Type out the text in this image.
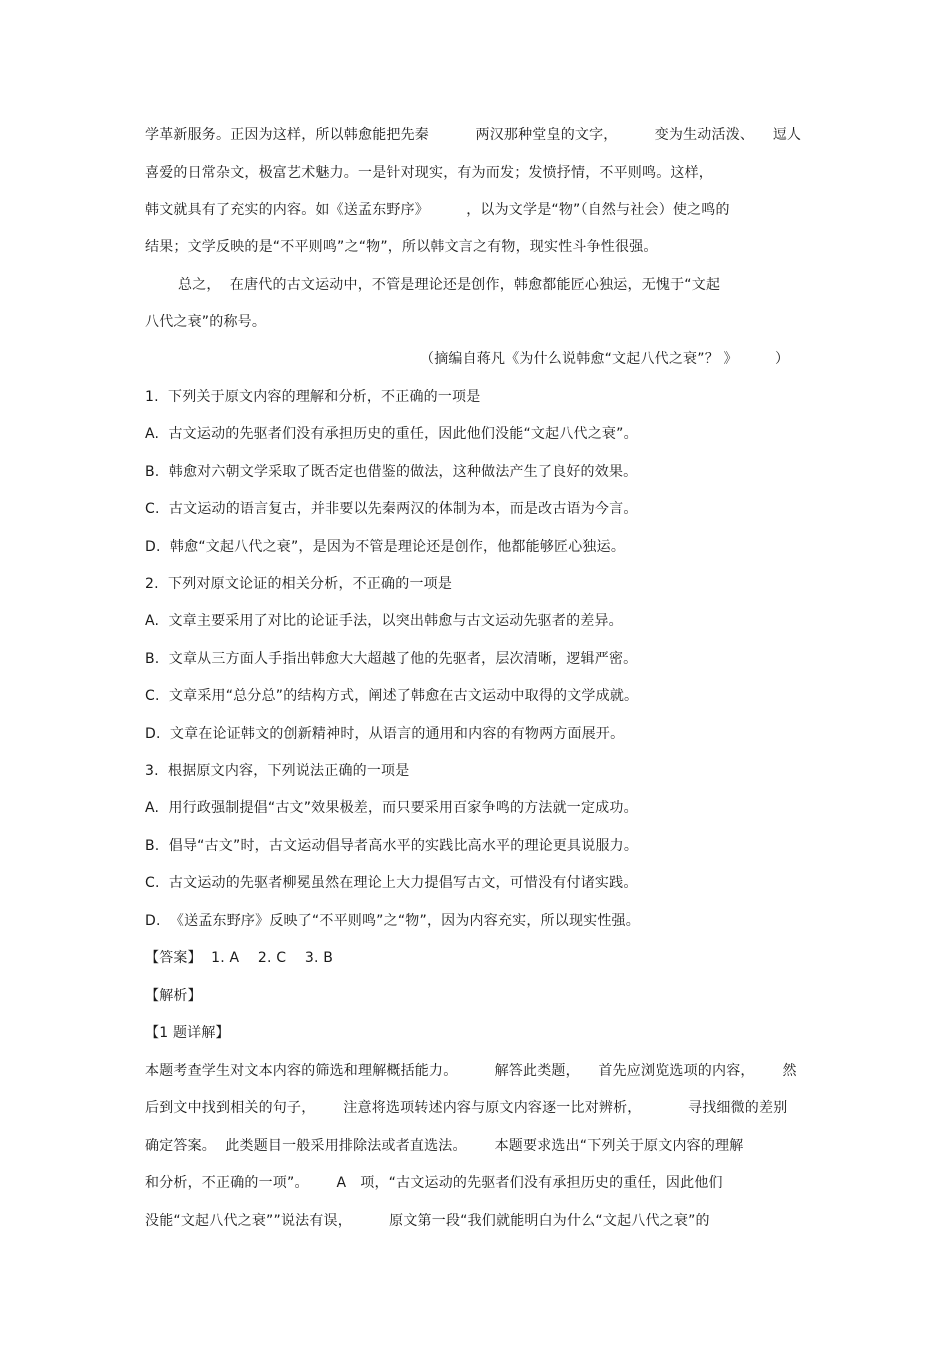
学革新服务。正因为这样，所以韩愈能把先秦          两汉那种堂皇的文字，        变为生动活泼、    逗人
喜爱的日常杂文，极富艺术魅力。一是针对现实，有为而发；发愤抒情，不平则鸣。这样，
韩文就具有了充实的内容。如《送孟东野序》        ，以为文学是“物”（自然与社会）使之鸣的
结果；文学反映的是“不平则鸣”之“物”，所以韩文言之有物，现实性斗争性很强。
总之，  在唐代的古文运动中，不管是理论还是创作，韩愈都能匠心独运，无愧于“文起
八代之衰”的称号。
（摘编自蒋凡《为什么说韩愈“文起八代之衰”？ 》        ）
1.  下列关于原文内容的理解和分析，不正确的一项是
A.  古文运动的先驱者们没有承担历史的重任，因此他们没能“文起八代之衰”。
B.  韩愈对六朝文学采取了既否定也借鉴的做法，这种做法产生了良好的效果。
C.  古文运动的语言复古，并非要以先秦两汉的体制为本，而是改古语为今言。
D.  韩愈“文起八代之衰”，是因为不管是理论还是创作，他都能够匠心独运。
2.  下列对原文论证的相关分析，不正确的一项是
A.  文章主要采用了对比的论证手法，以突出韩愈与古文运动先驱者的差异。
B.  文章从三方面人手指出韩愈大大超越了他的先驱者，层次清晰，逻辑严密。
C.  文章采用“总分总”的结构方式，阐述了韩愈在古文运动中取得的文学成就。
D.  文章在论证韩文的创新精神时，从语言的通用和内容的有物两方面展开。
3.  根据原文内容，下列说法正确的一项是
A.  用行政强制提倡“古文”效果极差，而只要采用百家争鸣的方法就一定成功。
B.  倡导“古文”时，古文运动倡导者高水平的实践比高水平的理论更具说服力。
C.  古文运动的先驱者柳冕虽然在理论上大力提倡写古文，可惜没有付诸实践。
D.  《送孟东野序》反映了“不平则鸣”之“物”，因为内容充实，所以现实性强。
【答案】  1. A    2. C    3. B
【解析】
【1 题详解】
本题考查学生对文本内容的筛选和理解概括能力。        解答此类题，    首先应浏览选项的内容，      然
后到文中找到相关的句子，      注意将选项转述内容与原文内容逐一比对辨析，          寻找细微的差别
确定答案。  此类题目一般采用排除法或者直选法。      本题要求选出“下列关于原文内容的理解
和分析，不正确的一项”。      A   项，“古文运动的先驱者们没有承担历史的重任，因此他们
没能“文起八代之衰””说法有误，        原文第一段“我们就能明白为什么“文起八代之衰”的
